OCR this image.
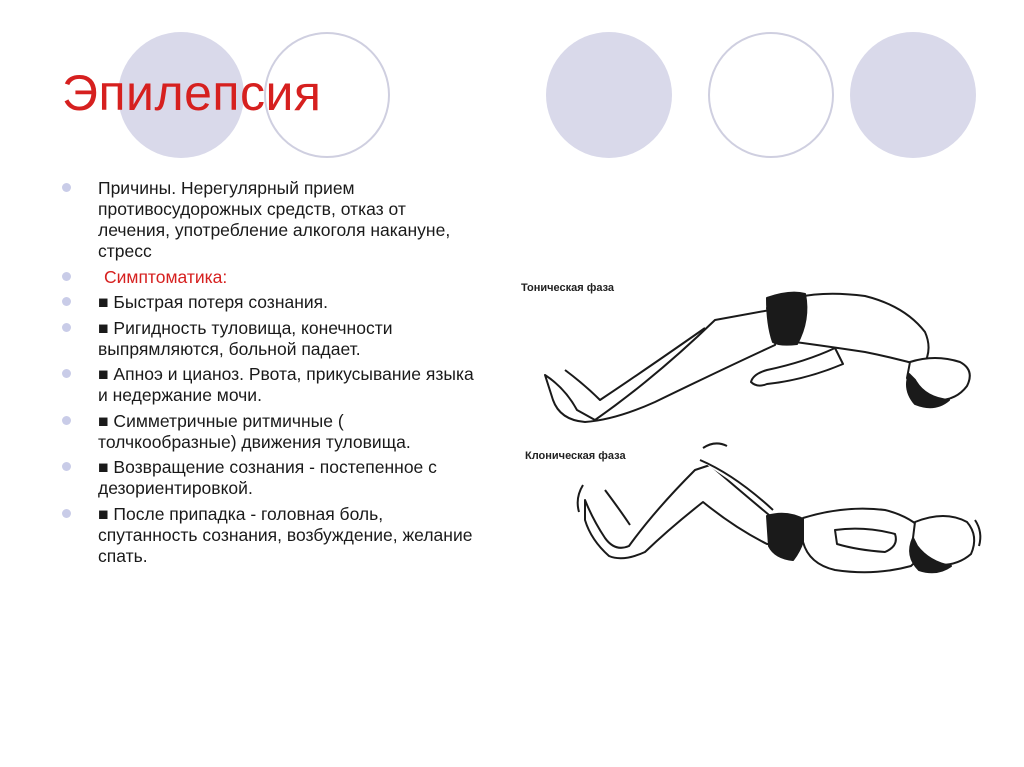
Эпилепсия
Причины. Нерегулярный прием противосудорожных средств, отказ от лечения, употребление алкоголя накануне, стресс
Симптоматика:
■ Быстрая потеря сознания.
■ Ригидность туловища, конечности выпрямляются, больной падает.
■ Апноэ и цианоз. Рвота, прикусывание языка и недержание мочи.
■ Симметричные ритмичные ( толчкообразные) движения туловища.
■ Возвращение сознания - постепенное с дезориентировкой.
■ После припадка - головная боль, спутанность сознания, возбуждение, желание спать.
Тоническая фаза
Клоническая фаза
